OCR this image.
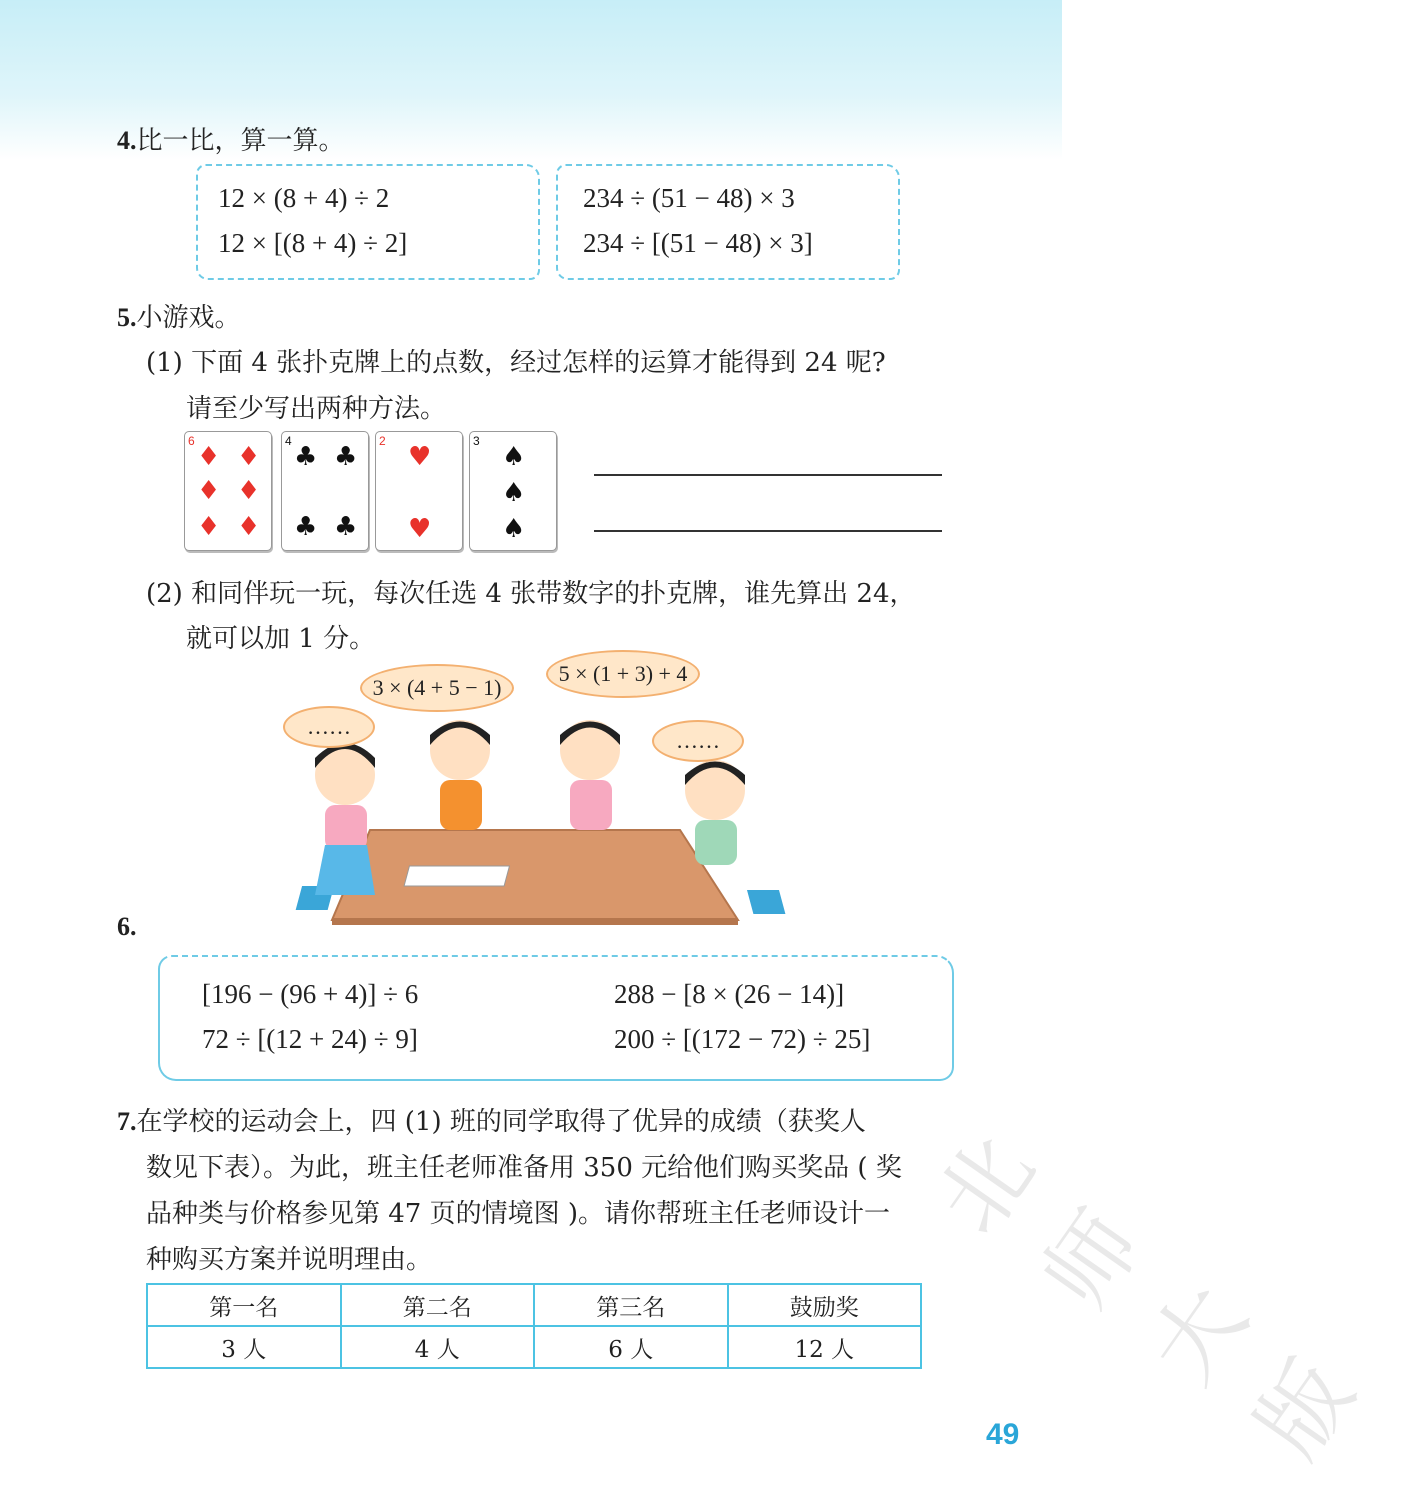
北师大版
4.比一比，算一算。
12 × (8 + 4) ÷ 2
12 × [(8 + 4) ÷ 2]
234 ÷ (51 − 48) × 3
234 ÷ [(51 − 48) × 3]
5.小游戏。
(1) 下面 4 张扑克牌上的点数，经过怎样的运算才能得到 24 呢?
请至少写出两种方法。
6
♦ ♦
♦ ♦
♦ ♦
4
♣ ♣
♣ ♣
2
♥
♥
3
♠
♠
♠
(2) 和同伴玩一玩，每次任选 4 张带数字的扑克牌，谁先算出 24，
就可以加 1 分。
……
3 × (4 + 5 − 1)
5 × (1 + 3) + 4
……
6.
[196 − (96 + 4)] ÷ 6
72 ÷ [(12 + 24) ÷ 9]
288 − [8 × (26 − 14)]
200 ÷ [(172 − 72) ÷ 25]
7.在学校的运动会上，四 (1) 班的同学取得了优异的成绩（获奖人
数见下表）。为此，班主任老师准备用 350 元给他们购买奖品 ( 奖
品种类与价格参见第 47 页的情境图 )。请你帮班主任老师设计一
种购买方案并说明理由。
第一名	第二名	第三名	鼓励奖
3 人	4 人	6 人	12 人
49
